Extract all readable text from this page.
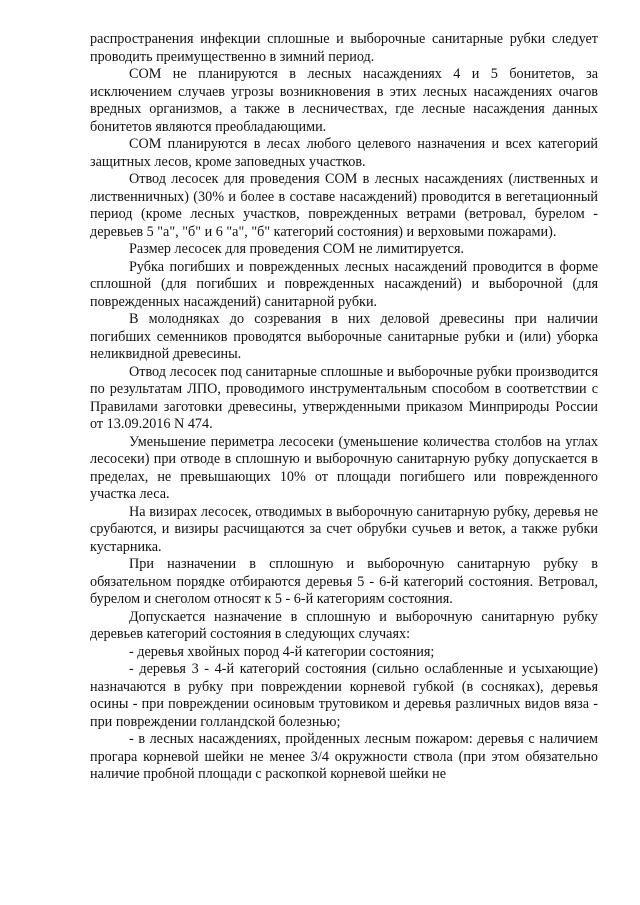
распространения инфекции сплошные и выборочные санитарные рубки следует проводить преимущественно в зимний период.

СОМ не планируются в лесных насаждениях 4 и 5 бонитетов, за исключением случаев угрозы возникновения в этих лесных насаждениях очагов вредных организмов, а также в лесничествах, где лесные насаждения данных бонитетов являются преобладающими.

СОМ планируются в лесах любого целевого назначения и всех категорий защитных лесов, кроме заповедных участков.

Отвод лесосек для проведения СОМ в лесных насаждениях (лиственных и лиственничных) (30% и более в составе насаждений) проводится в вегетационный период (кроме лесных участков, поврежденных ветрами (ветровал, бурелом - деревьев 5 "а", "б" и 6 "а", "б" категорий состояния) и верховыми пожарами).

Размер лесосек для проведения СОМ не лимитируется.

Рубка погибших и поврежденных лесных насаждений проводится в форме сплошной (для погибших и поврежденных насаждений) и выборочной (для поврежденных насаждений) санитарной рубки.

В молодняках до созревания в них деловой древесины при наличии погибших семенников проводятся выборочные санитарные рубки и (или) уборка неликвидной древесины.

Отвод лесосек под санитарные сплошные и выборочные рубки производится по результатам ЛПО, проводимого инструментальным способом в соответствии с Правилами заготовки древесины, утвержденными приказом Минприроды России от 13.09.2016 N 474.

Уменьшение периметра лесосеки (уменьшение количества столбов на углах лесосеки) при отводе в сплошную и выборочную санитарную рубку допускается в пределах, не превышающих 10% от площади погибшего или поврежденного участка леса.

На визирах лесосек, отводимых в выборочную санитарную рубку, деревья не срубаются, и визиры расчищаются за счет обрубки сучьев и веток, а также рубки кустарника.

При назначении в сплошную и выборочную санитарную рубку в обязательном порядке отбираются деревья 5 - 6-й категорий состояния. Ветровал, бурелом и снеголом относят к 5 - 6-й категориям состояния.

Допускается назначение в сплошную и выборочную санитарную рубку деревьев категорий состояния в следующих случаях:

- деревья хвойных пород 4-й категории состояния;

- деревья 3 - 4-й категорий состояния (сильно ослабленные и усыхающие) назначаются в рубку при повреждении корневой губкой (в сосняках), деревья осины - при повреждении осиновым трутовиком и деревья различных видов вяза - при повреждении голландской болезнью;

- в лесных насаждениях, пройденных лесным пожаром: деревья с наличием прогара корневой шейки не менее 3/4 окружности ствола (при этом обязательно наличие пробной площади с раскопкой корневой шейки не
